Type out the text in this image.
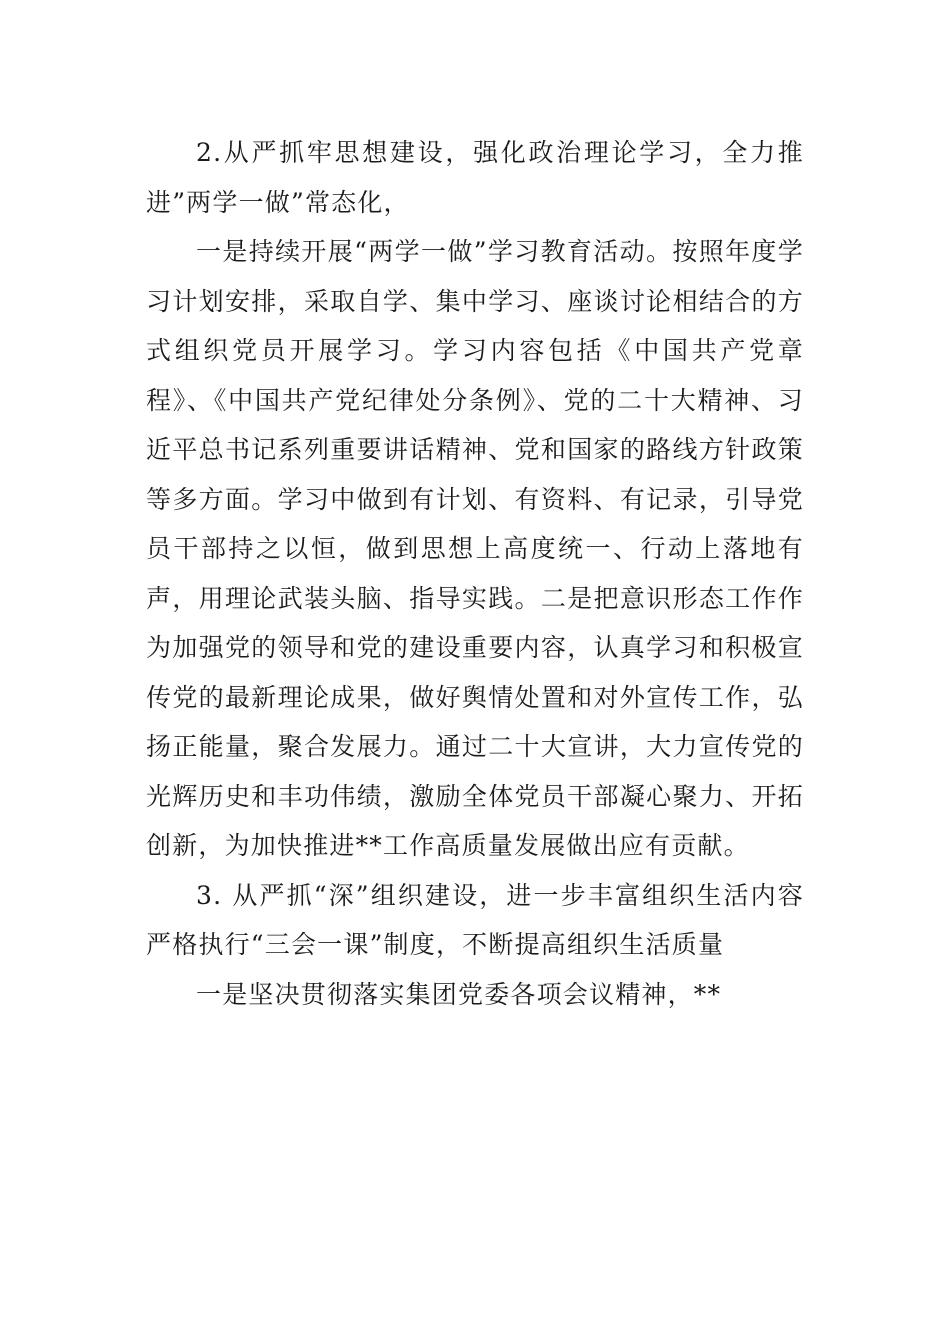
2.从严抓牢思想建设，强化政治理论学习，全力推进”两学一做”常态化，

一是持续开展“两学一做”学习教育活动。按照年度学习计划安排，采取自学、集中学习、座谈讨论相结合的方式组织党员开展学习。学习内容包括《中国共产党章程》、《中国共产党纪律处分条例》、党的二十大精神、习近平总书记系列重要讲话精神、党和国家的路线方针政策等多方面。学习中做到有计划、有资料、有记录，引导党员干部持之以恒，做到思想上高度统一、行动上落地有声，用理论武装头脑、指导实践。二是把意识形态工作作为加强党的领导和党的建设重要内容，认真学习和积极宣传党的最新理论成果，做好舆情处置和对外宣传工作，弘扬正能量，聚合发展力。通过二十大宣讲，大力宣传党的光辉历史和丰功伟绩，激励全体党员干部凝心聚力、开拓创新，为加快推进**工作高质量发展做出应有贡献。

3. 从严抓“深”组织建设，进一步丰富组织生活内容严格执行“三会一课”制度，不断提高组织生活质量

一是坚决贯彻落实集团党委各项会议精神，**
